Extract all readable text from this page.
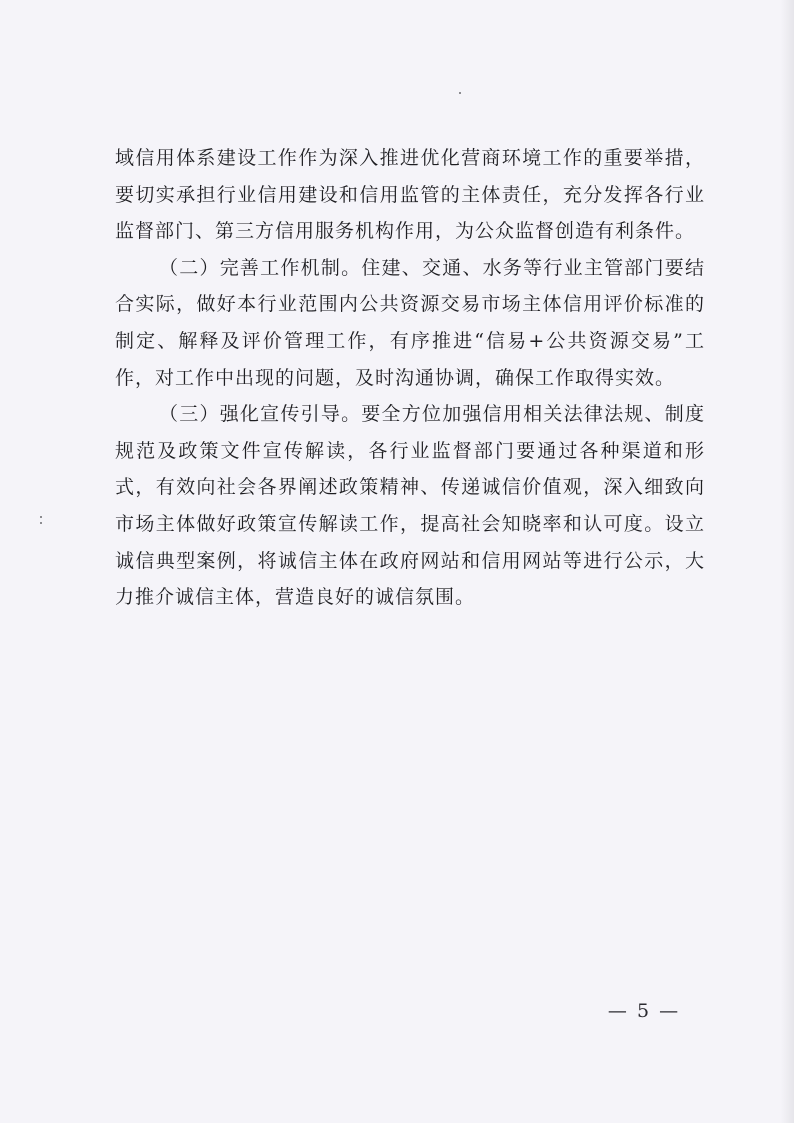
域信用体系建设工作作为深入推进优化营商环境工作的重要举措，要切实承担行业信用建设和信用监管的主体责任，充分发挥各行业监督部门、第三方信用服务机构作用，为公众监督创造有利条件。

（二）完善工作机制。住建、交通、水务等行业主管部门要结合实际，做好本行业范围内公共资源交易市场主体信用评价标准的制定、解释及评价管理工作，有序推进“信易+公共资源交易”工作，对工作中出现的问题，及时沟通协调，确保工作取得实效。

（三）强化宣传引导。要全方位加强信用相关法律法规、制度规范及政策文件宣传解读，各行业监督部门要通过各种渠道和形式，有效向社会各界阐述政策精神、传递诚信价值观，深入细致向市场主体做好政策宣传解读工作，提高社会知晓率和认可度。设立诚信典型案例，将诚信主体在政府网站和信用网站等进行公示，大力推介诚信主体，营造良好的诚信氛围。

— 5 —
